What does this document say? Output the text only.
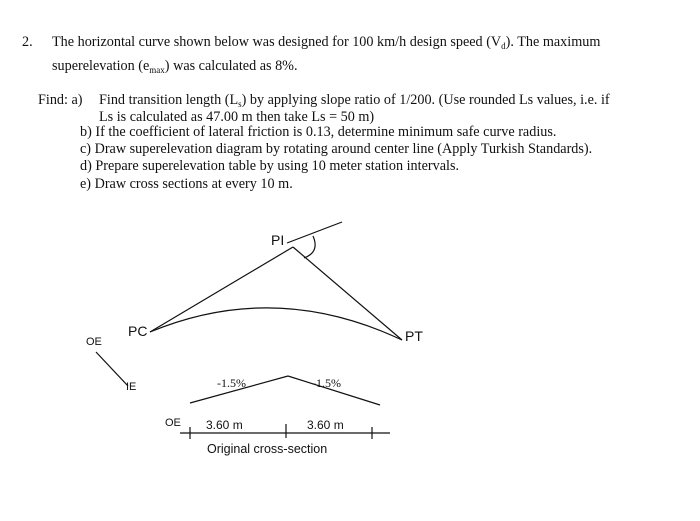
2. The horizontal curve shown below was designed for 100 km/h design speed $(V_d)$. The maximum
superelevation $(e_{max})$ was calculated as 8%.
Find: a) Find transition length $(L_s)$ by applying slope ratio of 1/200. (Use rounded Ls values, i.e. if
Ls is calculated as 47.00 m then take Ls = 50 m)
b) If the coefficient of lateral friction is 0.13, determine minimum safe curve radius.
c) Draw superelevation diagram by rotating around center line (Apply Turkish Standards).
d) Prepare superelevation table by using 10 meter station intervals.
e) Draw cross sections at every 10 m.
PI
PC	PT
OE
IE	-1.5%	-1.5%
OE 3.60 m	3.60 m
Original cross-section
